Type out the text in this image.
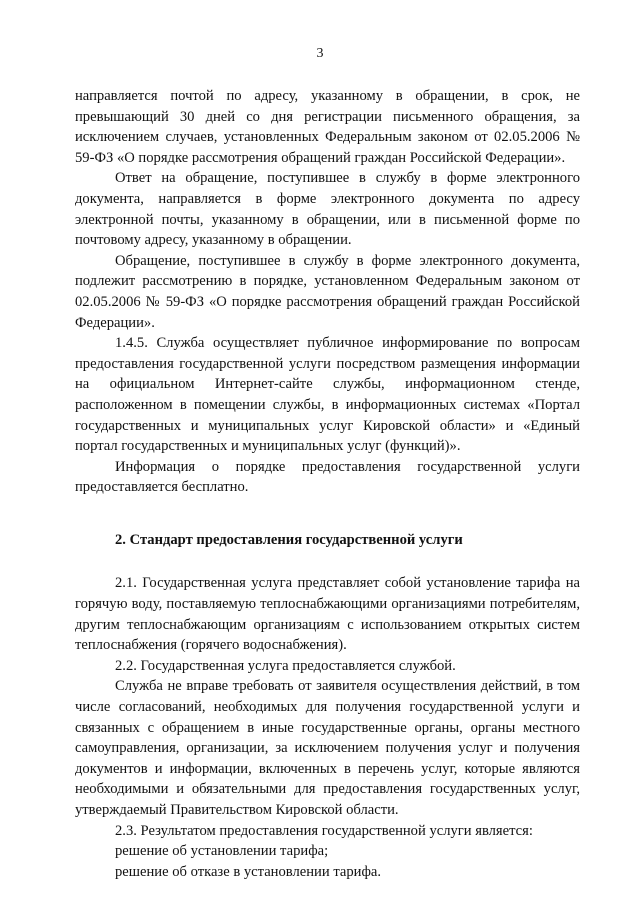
3

направляется почтой по адресу, указанному в обращении, в срок, не превышающий 30 дней со дня регистрации письменного обращения, за исключением случаев, установленных Федеральным законом от 02.05.2006 № 59-ФЗ «О порядке рассмотрения обращений граждан Российской Федерации».

Ответ на обращение, поступившее в службу в форме электронного документа, направляется в форме электронного документа по адресу электронной почты, указанному в обращении, или в письменной форме по почтовому адресу, указанному в обращении.

Обращение, поступившее в службу в форме электронного документа, подлежит рассмотрению в порядке, установленном Федеральным законом от 02.05.2006 № 59-ФЗ «О порядке рассмотрения обращений граждан Российской Федерации».

1.4.5. Служба осуществляет публичное информирование по вопросам предоставления государственной услуги посредством размещения информации на официальном Интернет-сайте службы, информационном стенде, расположенном в помещении службы, в информационных системах «Портал государственных и муниципальных услуг Кировской области» и «Единый портал государственных и муниципальных услуг (функций)».

Информация о порядке предоставления государственной услуги предоставляется бесплатно.

2. Стандарт предоставления государственной услуги

2.1. Государственная услуга представляет собой установление тарифа на горячую воду, поставляемую теплоснабжающими организациями потребителям, другим теплоснабжающим организациям с использованием открытых систем теплоснабжения (горячего водоснабжения).

2.2. Государственная услуга предоставляется службой.

Служба не вправе требовать от заявителя осуществления действий, в том числе согласований, необходимых для получения государственной услуги и связанных с обращением в иные государственные органы, органы местного самоуправления, организации, за исключением получения услуг и получения документов и информации, включенных в перечень услуг, которые являются необходимыми и обязательными для предоставления государственных услуг, утверждаемый Правительством Кировской области.

2.3. Результатом предоставления государственной услуги является:

решение об установлении тарифа;

решение об отказе в установлении тарифа.
